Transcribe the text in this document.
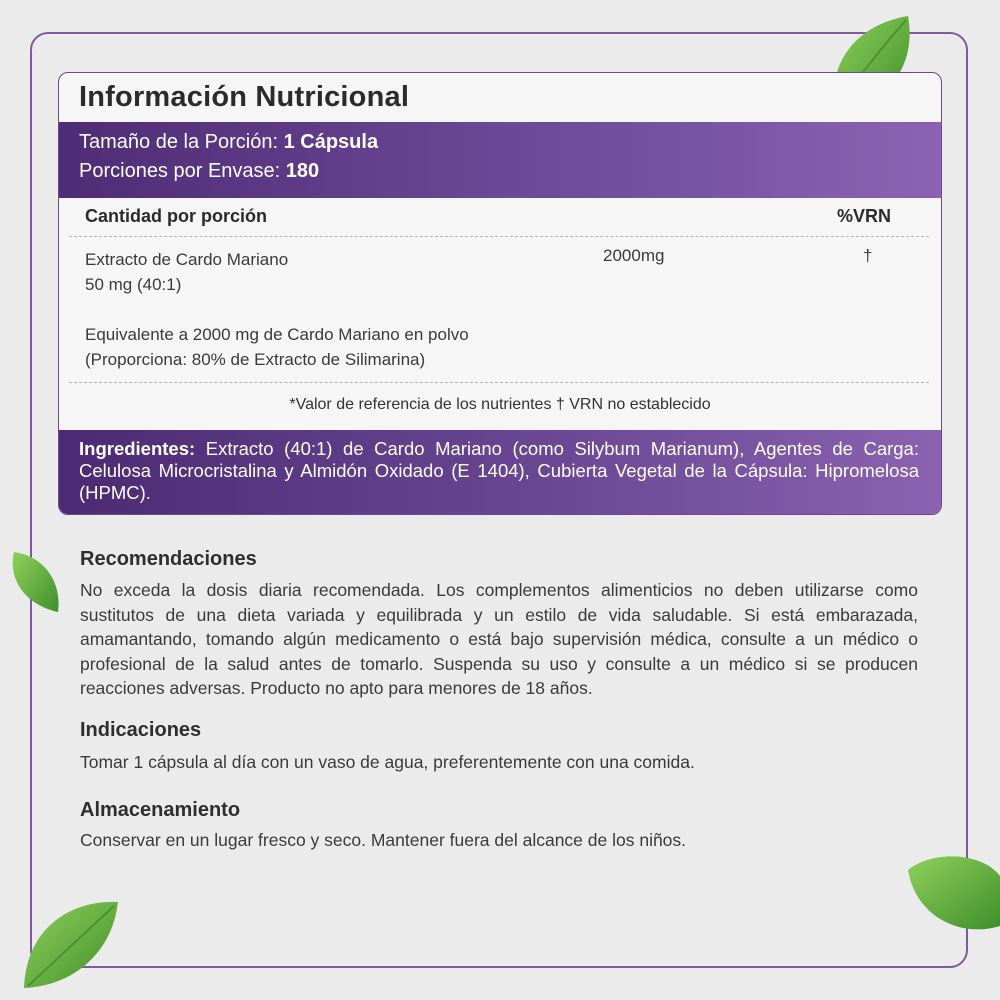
Información Nutricional
Tamaño de la Porción: 1 Cápsula
Porciones por Envase: 180
Cantidad por porción	%VRN
Extracto de Cardo Mariano
50 mg (40:1)
2000mg	†
Equivalente a 2000 mg de Cardo Mariano en polvo
(Proporciona: 80% de Extracto de Silimarina)
*Valor de referencia de los nutrientes † VRN no establecido
Ingredientes: Extracto (40:1) de Cardo Mariano (como Silybum Marianum), Agentes de Carga: Celulosa Microcristalina y Almidón Oxidado (E 1404), Cubierta Vegetal de la Cápsula: Hipromelosa (HPMC).
Recomendaciones
No exceda la dosis diaria recomendada. Los complementos alimenticios no deben utilizarse como sustitutos de una dieta variada y equilibrada y un estilo de vida saludable. Si está embarazada, amamantando, tomando algún medicamento o está bajo supervisión médica, consulte a un médico o profesional de la salud antes de tomarlo. Suspenda su uso y consulte a un médico si se producen reacciones adversas. Producto no apto para menores de 18 años.
Indicaciones
Tomar 1 cápsula al día con un vaso de agua, preferentemente con una comida.
Almacenamiento
Conservar en un lugar fresco y seco. Mantener fuera del alcance de los niños.
